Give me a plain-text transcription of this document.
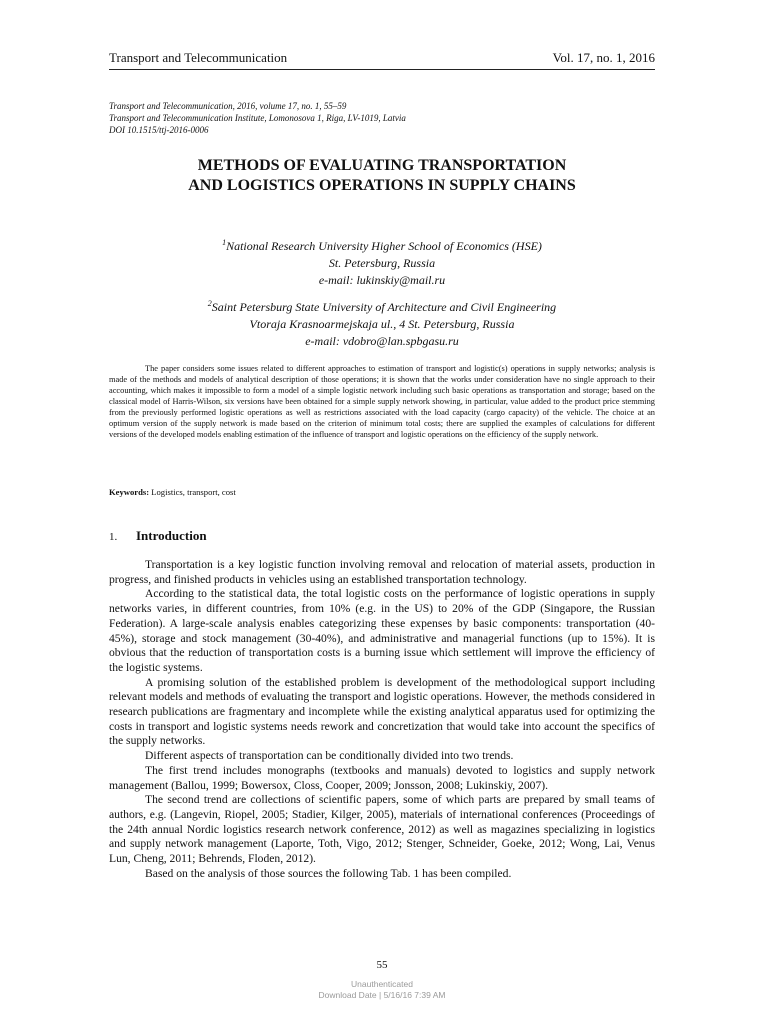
Transport and Telecommunication	Vol. 17, no. 1, 2016
Transport and Telecommunication, 2016, volume 17, no. 1, 55–59
Transport and Telecommunication Institute, Lomonosova 1, Riga, LV-1019, Latvia
DOI 10.1515/ttj-2016-0006
METHODS OF EVALUATING TRANSPORTATION
AND LOGISTICS OPERATIONS IN SUPPLY CHAINS
$^1$National Research University Higher School of Economics (HSE)
St. Petersburg, Russia
e-mail: lukinskiy@mail.ru
$^2$Saint Petersburg State University of Architecture and Civil Engineering
Vtoraja Krasnoarmejskaja ul., 4 St. Petersburg, Russia
e-mail: vdobro@lan.spbgasu.ru

The paper considers some issues related to different approaches to estimation of transport and logistic(s) operations in supply networks; analysis is made of the methods and models of analytical description of those operations; it is shown that the works under consideration have no single approach to their accounting, which makes it impossible to form a model of a simple logistic network including such basic operations as transportation and storage; based on the classical model of Harris-Wilson, six versions have been obtained for a simple supply network showing, in particular, value added to the product price stemming from the previously performed logistic operations as well as restrictions associated with the load capacity (cargo capacity) of the vehicle. The choice at an optimum version of the supply network is made based on the criterion of minimum total costs; there are supplied the examples of calculations for different versions of the developed models enabling estimation of the influence of transport and logistic operations on the efficiency of the supply network.

Keywords: Logistics, transport, cost
1. Introduction

Transportation is a key logistic function involving removal and relocation of material assets, production in progress, and finished products in vehicles using an established transportation technology.

According to the statistical data, the total logistic costs on the performance of logistic operations in supply networks varies, in different countries, from 10% (e.g. in the US) to 20% of the GDP (Singapore, the Russian Federation). A large-scale analysis enables categorizing these expenses by basic components: transportation (40-45%), storage and stock management (30-40%), and administrative and managerial functions (up to 15%). It is obvious that the reduction of transportation costs is a burning issue which settlement will improve the efficiency of the logistic systems.

A promising solution of the established problem is development of the methodological support including relevant models and methods of evaluating the transport and logistic operations. However, the methods considered in research publications are fragmentary and incomplete while the existing analytical apparatus used for optimizing the costs in transport and logistic systems needs rework and concretization that would take into account the specifics of the supply networks.

Different aspects of transportation can be conditionally divided into two trends.

The first trend includes monographs (textbooks and manuals) devoted to logistics and supply network management (Ballou, 1999; Bowersox, Closs, Cooper, 2009; Jonsson, 2008; Lukinskiy, 2007).

The second trend are collections of scientific papers, some of which parts are prepared by small teams of authors, e.g. (Langevin, Riopel, 2005; Stadier, Kilger, 2005), materials of international conferences (Proceedings of the 24th annual Nordic logistics research network conference, 2012) as well as magazines specializing in logistics and supply network management (Laporte, Toth, Vigo, 2012; Stenger, Schneider, Goeke, 2012; Wong, Lai, Venus Lun, Cheng, 2011; Behrends, Floden, 2012).

Based on the analysis of those sources the following Tab. 1 has been compiled.

55
Unauthenticated
Download Date | 5/16/16 7:39 AM
